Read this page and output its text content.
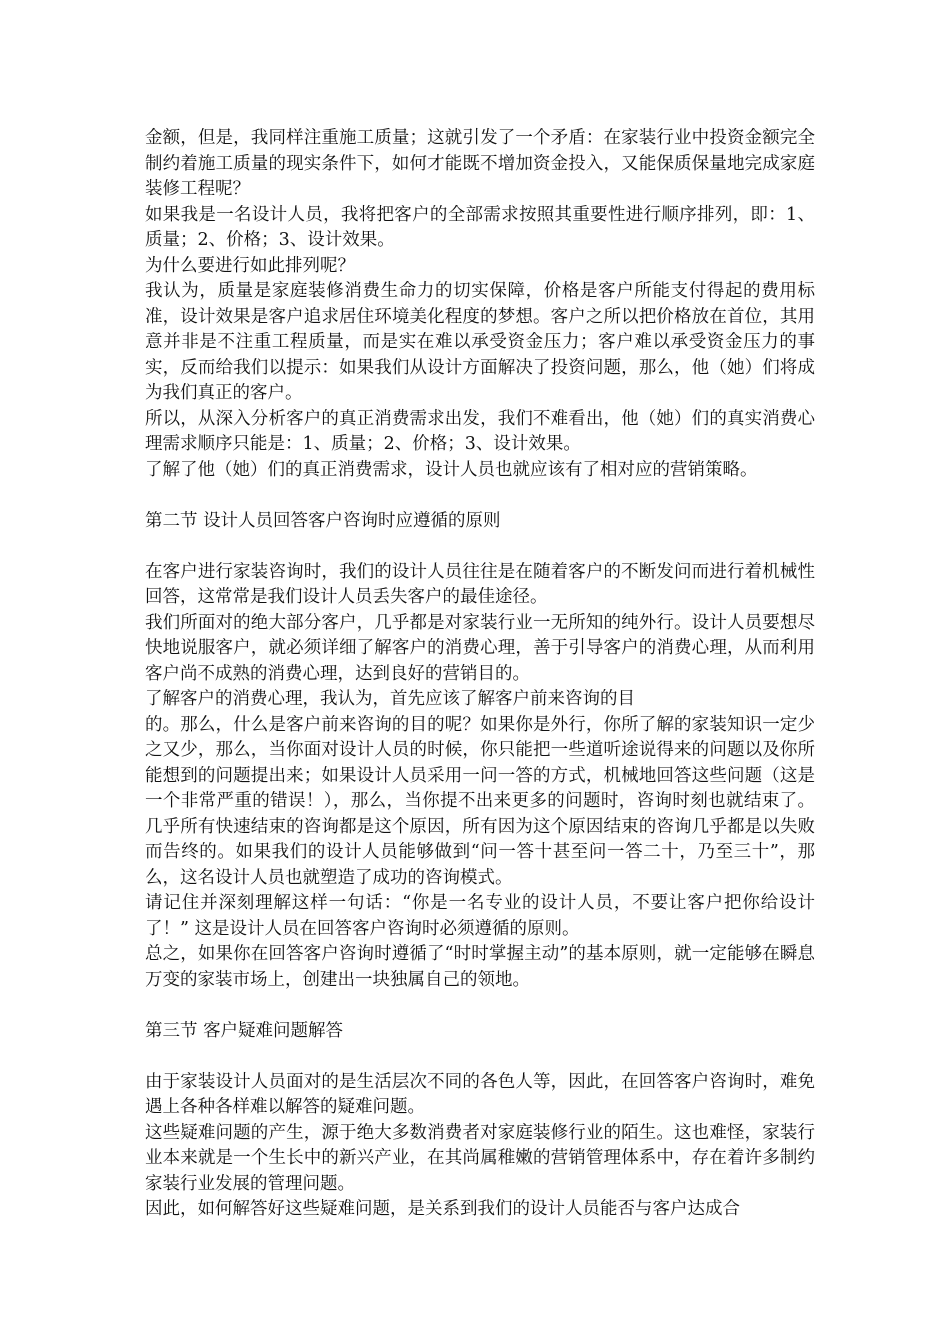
金额，但是，我同样注重施工质量；这就引发了一个矛盾：在家装行业中投资金额完全制约着施工质量的现实条件下，如何才能既不增加资金投入，又能保质保量地完成家庭装修工程呢？

如果我是一名设计人员，我将把客户的全部需求按照其重要性进行顺序排列，即：1、质量；2、价格；3、设计效果。

为什么要进行如此排列呢？

我认为，质量是家庭装修消费生命力的切实保障，价格是客户所能支付得起的费用标准，设计效果是客户追求居住环境美化程度的梦想。客户之所以把价格放在首位，其用意并非是不注重工程质量，而是实在难以承受资金压力；客户难以承受资金压力的事实，反而给我们以提示：如果我们从设计方面解决了投资问题，那么，他（她）们将成为我们真正的客户。

所以，从深入分析客户的真正消费需求出发，我们不难看出，他（她）们的真实消费心理需求顺序只能是：1、质量；2、价格；3、设计效果。

了解了他（她）们的真正消费需求，设计人员也就应该有了相对应的营销策略。

第二节 设计人员回答客户咨询时应遵循的原则

在客户进行家装咨询时，我们的设计人员往往是在随着客户的不断发问而进行着机械性回答，这常常是我们设计人员丢失客户的最佳途径。

我们所面对的绝大部分客户，几乎都是对家装行业一无所知的纯外行。设计人员要想尽快地说服客户，就必须详细了解客户的消费心理，善于引导客户的消费心理，从而利用客户尚不成熟的消费心理，达到良好的营销目的。

了解客户的消费心理，我认为，首先应该了解客户前来咨询的目

的。那么，什么是客户前来咨询的目的呢？如果你是外行，你所了解的家装知识一定少之又少，那么，当你面对设计人员的时候，你只能把一些道听途说得来的问题以及你所能想到的问题提出来；如果设计人员采用一问一答的方式，机械地回答这些问题（这是一个非常严重的错误！），那么，当你提不出来更多的问题时，咨询时刻也就结束了。几乎所有快速结束的咨询都是这个原因，所有因为这个原因结束的咨询几乎都是以失败而告终的。如果我们的设计人员能够做到“问一答十甚至问一答二十，乃至三十”，那么，这名设计人员也就塑造了成功的咨询模式。

请记住并深刻理解这样一句话：“你是一名专业的设计人员，不要让客户把你给设计了！” 这是设计人员在回答客户咨询时必须遵循的原则。

总之，如果你在回答客户咨询时遵循了“时时掌握主动”的基本原则，就一定能够在瞬息万变的家装市场上，创建出一块独属自己的领地。

第三节 客户疑难问题解答

由于家装设计人员面对的是生活层次不同的各色人等，因此，在回答客户咨询时，难免遇上各种各样难以解答的疑难问题。

这些疑难问题的产生，源于绝大多数消费者对家庭装修行业的陌生。这也难怪，家装行业本来就是一个生长中的新兴产业，在其尚属稚嫩的营销管理体系中，存在着许多制约家装行业发展的管理问题。

因此，如何解答好这些疑难问题，是关系到我们的设计人员能否与客户达成合
